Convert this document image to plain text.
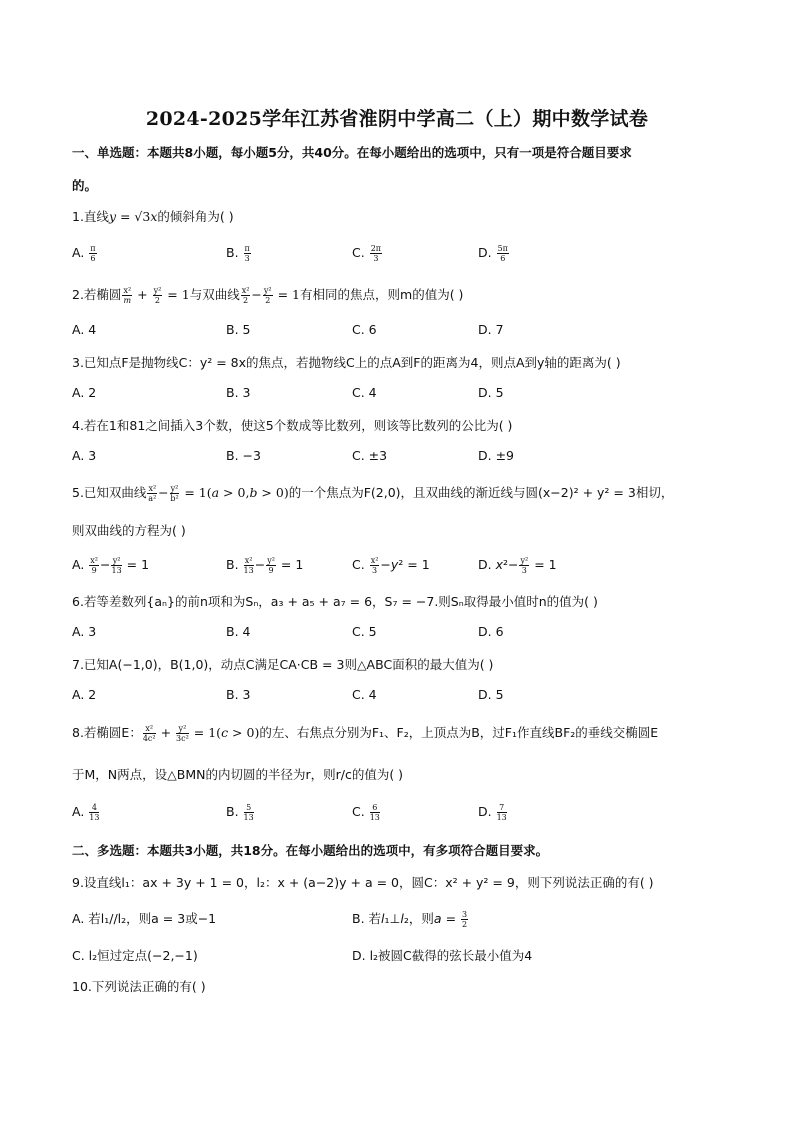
2024-2025学年江苏省淮阴中学高二（上）期中数学试卷
一、单选题：本题共8小题，每小题5分，共40分。在每小题给出的选项中，只有一项是符合题目要求
的。
1.直线y = √3x的倾斜角为( )
A. $\frac{\pi}{6}$	B. $\frac{\pi}{3}$	C. $\frac{2\pi}{3}$	D. $\frac{5\pi}{6}$
2.若椭圆 $\frac{\text{x²}}{m} + \frac{\text{y²}}{2} = 1$与双曲线 $\frac{\text{x²}}{2} - \frac{\text{y²}}{2} = 1$有相同的焦点，则m的值为( )
A. 4	B. 5	C. 6	D. 7
3.已知点F是抛物线C：y² = 8x的焦点，若抛物线C上的点A到F的距离为4，则点A到y轴的距离为( )
A. 2	B. 3	C. 4	D. 5
4.若在1和81之间插入3个数，使这5个数成等比数列，则该等比数列的公比为( )
A. 3	B. −3	C. ±3	D. ±9
5.已知双曲线 $\frac{\text{x²}}{\text{a²}} - \frac{\text{y²}}{\text{b²}} = 1(a > 0,b > 0)$的一个焦点为F(2,0)，且双曲线的渐近线与圆(x−2)² + y² = 3相切，
则双曲线的方程为( )
A. $\frac{\text{x²}}{9} - \frac{\text{y²}}{13} = 1$	B. $\frac{\text{x²}}{13} - \frac{\text{y²}}{9} = 1$	C. $\frac{\text{x²}}{3} -y^2 = 1$	D. $x^2- \frac{\text{y²}}{3} = 1$
6.若等差数列{aₙ}的前n项和为Sₙ，a₃ + a₅ + a₇ = 6，S₇ = −7.则Sₙ取得最小值时n的值为( )
A. 3	B. 4	C. 5	D. 6
7.已知A(−1,0)，B(1,0)，动点C满足CA·CB = 3则△ABC面积的最大值为( )
A. 2	B. 3	C. 4	D. 5
8.若椭圆E： $\frac{\text{x²}}{\text{4c²}} + \frac{\text{y²}}{\text{3c²}} = 1(c > 0)$的左、右焦点分别为F₁、F₂，上顶点为B，过F₁作直线BF₂的垂线交椭圆E
于M，N两点，设△BMN的内切圆的半径为r，则r/c的值为( )
A. $\frac{4}{13}$	B. $\frac{5}{13}$	C. $\frac{6}{13}$	D. $\frac{7}{13}$
二、多选题：本题共3小题，共18分。在每小题给出的选项中，有多项符合题目要求。
9.设直线l₁：ax + 3y + 1 = 0，l₂：x + (a−2)y + a = 0，圆C：x² + y² = 9，则下列说法正确的有( )
A. 若l₁//l₂，则a = 3或−1	B. 若l₁⊥l₂，则$a = \frac{3}{2}$
C. l₂恒过定点(−2,−1)	D. l₂被圆C截得的弦长最小值为4
10.下列说法正确的有( )
